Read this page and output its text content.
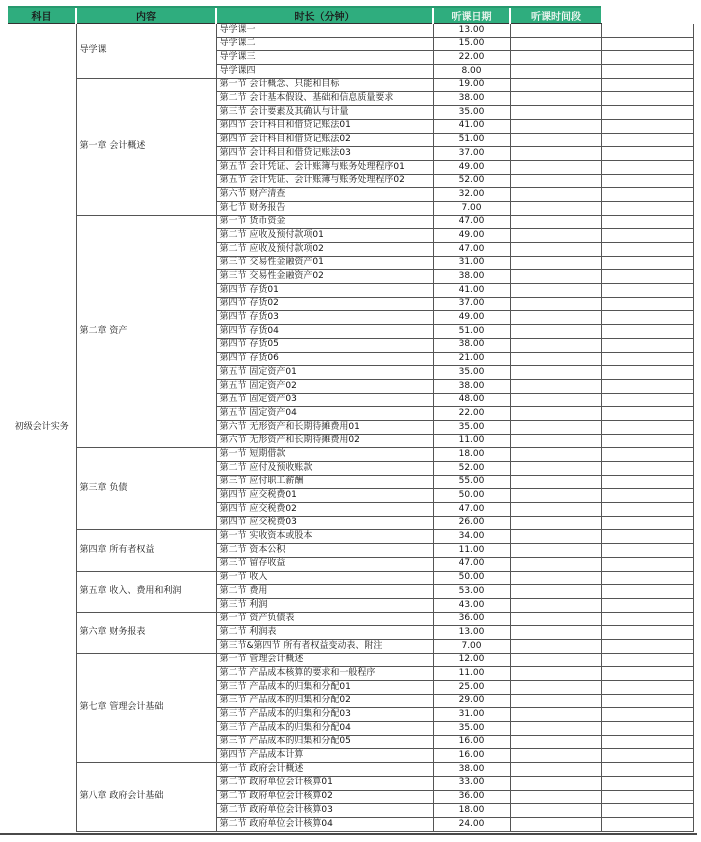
科目	内容	时长（分钟）	听课日期	听课时间段	
初级会计实务	导学课	导学课一	13.00		
		导学课二	15.00		
		导学课三	22.00		
		导学课四	8.00		
	第一章 会计概述	第一节 会计概念、只能和目标	19.00		
		第二节 会计基本假设、基础和信息质量要求	38.00		
		第三节 会计要素及其确认与计量	35.00		
		第四节 会计科目和借贷记账法01	41.00		
		第四节 会计科目和借贷记账法02	51.00		
		第四节 会计科目和借贷记账法03	37.00		
		第五节 会计凭证、会计账簿与账务处理程序01	49.00		
		第五节 会计凭证、会计账簿与账务处理程序02	52.00		
		第六节 财产清查	32.00		
		第七节 财务报告	7.00		
	第二章 资产	第一节 货币资金	47.00		
		第二节 应收及预付款项01	49.00		
		第二节 应收及预付款项02	47.00		
		第三节 交易性金融资产01	31.00		
		第三节 交易性金融资产02	38.00		
		第四节 存货01	41.00		
		第四节 存货02	37.00		
		第四节 存货03	49.00		
		第四节 存货04	51.00		
		第四节 存货05	38.00		
		第四节 存货06	21.00		
		第五节 固定资产01	35.00		
		第五节 固定资产02	38.00		
		第五节 固定资产03	48.00		
		第五节 固定资产04	22.00		
		第六节 无形资产和长期待摊费用01	35.00		
		第六节 无形资产和长期待摊费用02	11.00		
	第三章 负债	第一节 短期借款	18.00		
		第二节 应付及预收账款	52.00		
		第三节 应付职工薪酬	55.00		
		第四节 应交税费01	50.00		
		第四节 应交税费02	47.00		
		第四节 应交税费03	26.00		
	第四章 所有者权益	第一节 实收资本或股本	34.00		
		第二节 资本公积	11.00		
		第三节 留存收益	47.00		
	第五章 收入、费用和利润	第一节 收入	50.00		
		第二节 费用	53.00		
		第三节 利润	43.00		
	第六章 财务报表	第一节 资产负债表	36.00		
		第二节 利润表	13.00		
		第三节&第四节 所有者权益变动表、附注	7.00		
	第七章 管理会计基础	第一节 管理会计概述	12.00		
		第二节 产品成本核算的要求和一般程序	11.00		
		第三节 产品成本的归集和分配01	25.00		
		第三节 产品成本的归集和分配02	29.00		
		第三节 产品成本的归集和分配03	31.00		
		第三节 产品成本的归集和分配04	35.00		
		第三节 产品成本的归集和分配05	16.00		
		第四节 产品成本计算	16.00		
	第八章 政府会计基础	第一节 政府会计概述	38.00		
		第二节 政府单位会计核算01	33.00		
		第二节 政府单位会计核算02	36.00		
		第二节 政府单位会计核算03	18.00		
		第二节 政府单位会计核算04	24.00		
